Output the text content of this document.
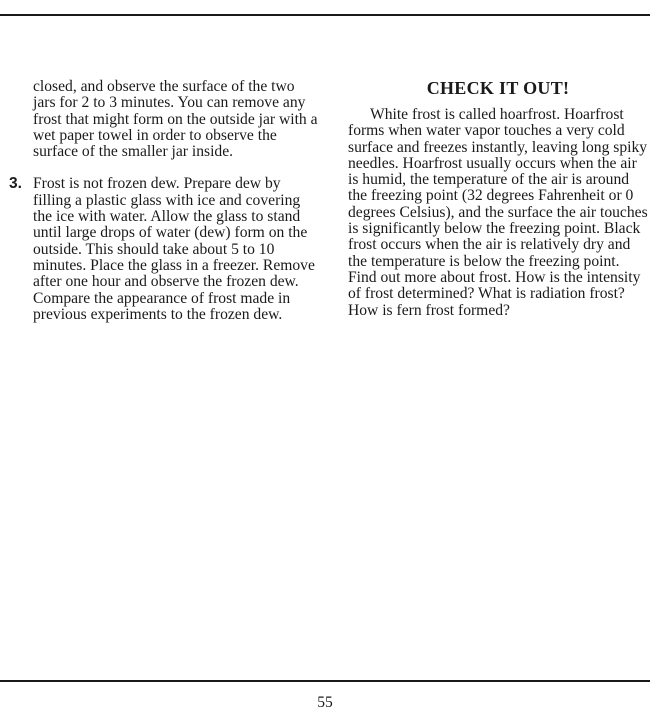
closed, and observe the surface of the two jars for 2 to 3 minutes. You can remove any frost that might form on the outside jar with a wet paper towel in order to observe the surface of the smaller jar inside.

3. Frost is not frozen dew. Prepare dew by filling a plastic glass with ice and covering the ice with water. Allow the glass to stand until large drops of water (dew) form on the outside. This should take about 5 to 10 minutes. Place the glass in a freezer. Remove after one hour and observe the frozen dew. Compare the appearance of frost made in previous experiments to the frozen dew.

CHECK IT OUT!

White frost is called hoarfrost. Hoarfrost forms when water vapor touches a very cold surface and freezes instantly, leaving long spiky needles. Hoarfrost usually occurs when the air is humid, the temperature of the air is around the freezing point (32 degrees Fahrenheit or 0 degrees Celsius), and the surface the air touches is significantly below the freezing point. Black frost occurs when the air is relatively dry and the temperature is below the freezing point. Find out more about frost. How is the intensity of frost determined? What is radiation frost? How is fern frost formed?

55
